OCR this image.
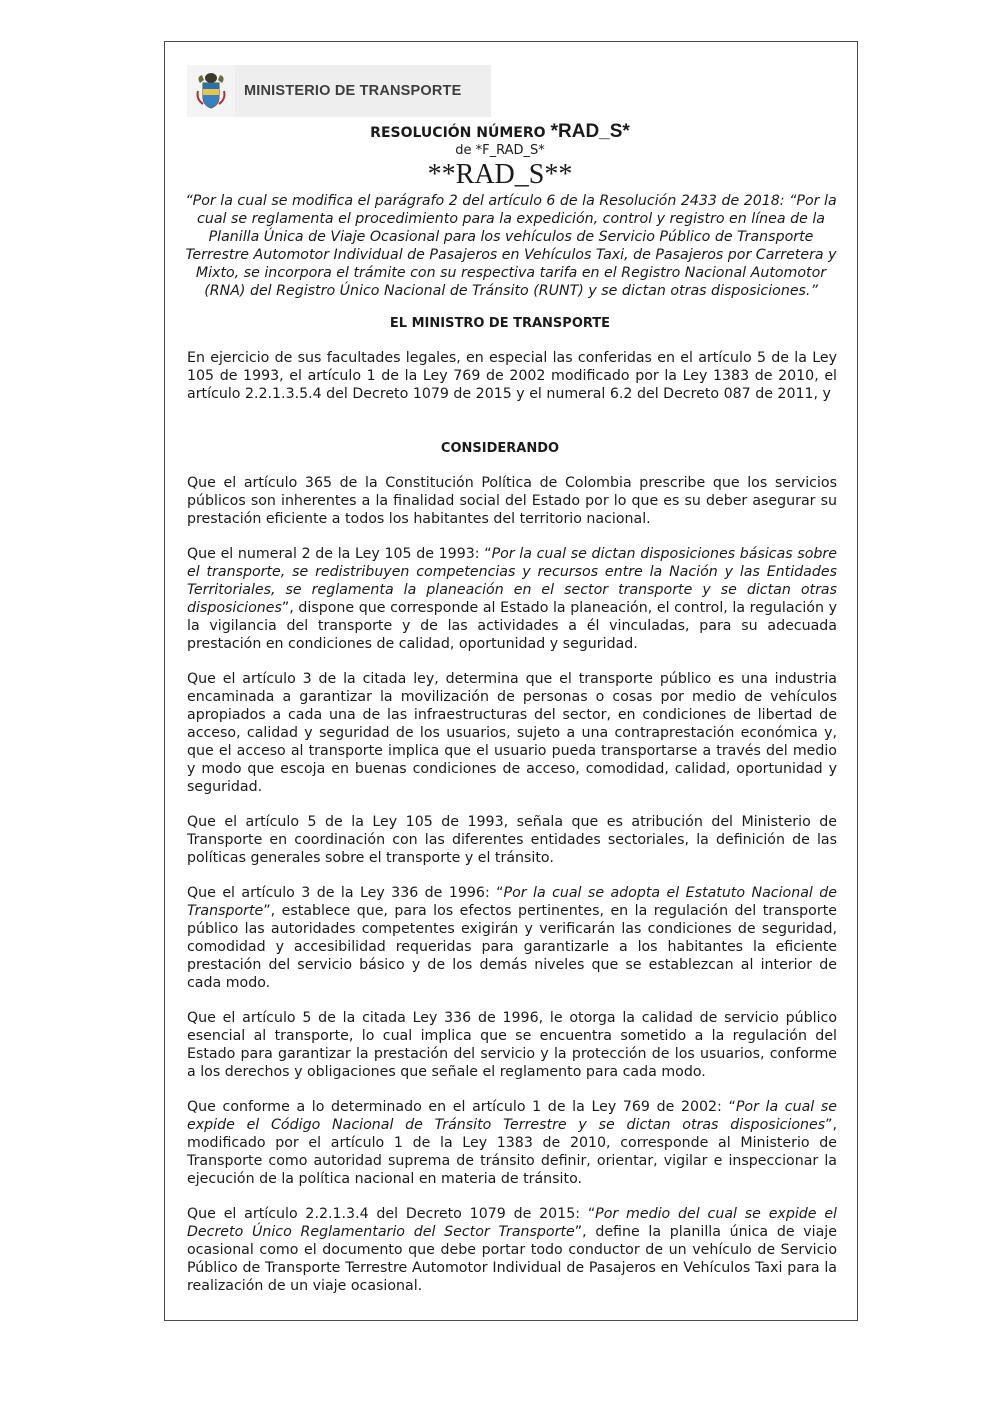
MINISTERIO DE TRANSPORTE
RESOLUCIÓN NÚMERO *RAD_S*
de *F_RAD_S*
**RAD_S**
“Por la cual se modifica el parágrafo 2 del artículo 6 de la Resolución 2433 de 2018: “Por la cual se reglamenta el procedimiento para la expedición, control y registro en línea de la Planilla Única de Viaje Ocasional para los vehículos de Servicio Público de Transporte Terrestre Automotor Individual de Pasajeros en Vehículos Taxi, de Pasajeros por Carretera y Mixto, se incorpora el trámite con su respectiva tarifa en el Registro Nacional Automotor (RNA) del Registro Único Nacional de Tránsito (RUNT) y se dictan otras disposiciones.”
EL MINISTRO DE TRANSPORTE
En ejercicio de sus facultades legales, en especial las conferidas en el artículo 5 de la Ley 105 de 1993, el artículo 1 de la Ley 769 de 2002 modificado por la Ley 1383 de 2010, el artículo 2.2.1.3.5.4 del Decreto 1079 de 2015 y el numeral 6.2 del Decreto 087 de 2011, y
CONSIDERANDO

Que el artículo 365 de la Constitución Política de Colombia prescribe que los servicios públicos son inherentes a la finalidad social del Estado por lo que es su deber asegurar su prestación eficiente a todos los habitantes del territorio nacional.

Que el numeral 2 de la Ley 105 de 1993: “Por la cual se dictan disposiciones básicas sobre el transporte, se redistribuyen competencias y recursos entre la Nación y las Entidades Territoriales, se reglamenta la planeación en el sector transporte y se dictan otras disposiciones”, dispone que corresponde al Estado la planeación, el control, la regulación y la vigilancia del transporte y de las actividades a él vinculadas, para su adecuada prestación en condiciones de calidad, oportunidad y seguridad.

Que el artículo 3 de la citada ley, determina que el transporte público es una industria encaminada a garantizar la movilización de personas o cosas por medio de vehículos apropiados a cada una de las infraestructuras del sector, en condiciones de libertad de acceso, calidad y seguridad de los usuarios, sujeto a una contraprestación económica y, que el acceso al transporte implica que el usuario pueda transportarse a través del medio y modo que escoja en buenas condiciones de acceso, comodidad, calidad, oportunidad y seguridad.

Que el artículo 5 de la Ley 105 de 1993, señala que es atribución del Ministerio de Transporte en coordinación con las diferentes entidades sectoriales, la definición de las políticas generales sobre el transporte y el tránsito.

Que el artículo 3 de la Ley 336 de 1996: “Por la cual se adopta el Estatuto Nacional de Transporte”, establece que, para los efectos pertinentes, en la regulación del transporte público las autoridades competentes exigirán y verificarán las condiciones de seguridad, comodidad y accesibilidad requeridas para garantizarle a los habitantes la eficiente prestación del servicio básico y de los demás niveles que se establezcan al interior de cada modo.

Que el artículo 5 de la citada Ley 336 de 1996, le otorga la calidad de servicio público esencial al transporte, lo cual implica que se encuentra sometido a la regulación del Estado para garantizar la prestación del servicio y la protección de los usuarios, conforme a los derechos y obligaciones que señale el reglamento para cada modo.

Que conforme a lo determinado en el artículo 1 de la Ley 769 de 2002: “Por la cual se expide el Código Nacional de Tránsito Terrestre y se dictan otras disposiciones”, modificado por el artículo 1 de la Ley 1383 de 2010, corresponde al Ministerio de Transporte como autoridad suprema de tránsito definir, orientar, vigilar e inspeccionar la ejecución de la política nacional en materia de tránsito.

Que el artículo 2.2.1.3.4 del Decreto 1079 de 2015: “Por medio del cual se expide el Decreto Único Reglamentario del Sector Transporte”, define la planilla única de viaje ocasional como el documento que debe portar todo conductor de un vehículo de Servicio Público de Transporte Terrestre Automotor Individual de Pasajeros en Vehículos Taxi para la realización de un viaje ocasional.
